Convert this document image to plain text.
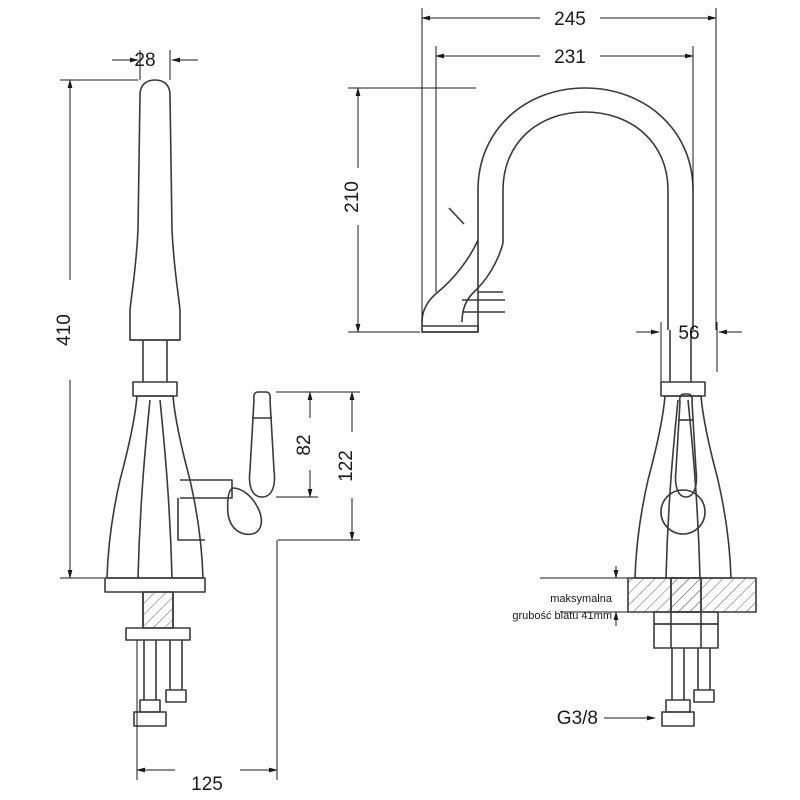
28
410
125
82
122
245
231
210
56
G3/8
maksymalna
grubość blatu 41mm
